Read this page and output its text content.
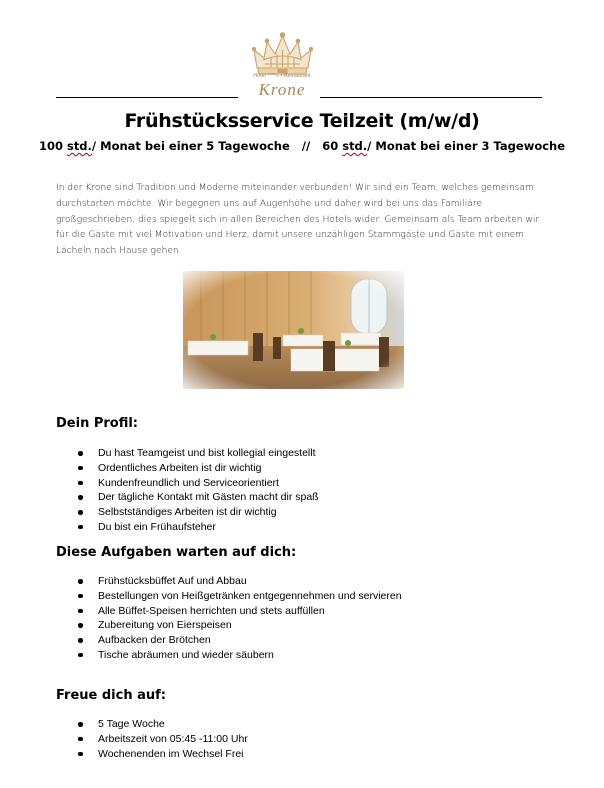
Hotel ****s • Restaurant
Krone
Frühstücksservice Teilzeit (m/w/d)
100 std./ Monat bei einer 5 Tagewoche   //   60 std./ Monat bei einer 3 Tagewoche
In der Krone sind Tradition und Moderne miteinander verbunden! Wir sind ein Team, welches gemeinsam durchstarten möchte. Wir begegnen uns auf Augenhöhe und daher wird bei uns das Familiäre großgeschrieben, dies spiegelt sich in allen Bereichen des Hotels wider. Gemeinsam als Team arbeiten wir für die Gäste mit viel Motivation und Herz, damit unsere unzähligen Stammgäste und Gäste mit einem Lächeln nach Hause gehen.
Dein Profil:
Du hast Teamgeist und bist kollegial eingestellt
Ordentliches Arbeiten ist dir wichtig
Kundenfreundlich und Serviceorientiert
Der tägliche Kontakt mit Gästen macht dir spaß
Selbstständiges Arbeiten ist dir wichtig
Du bist ein Frühaufsteher
Diese Aufgaben warten auf dich:
Frühstücksbüffet Auf und Abbau
Bestellungen von Heißgetränken entgegennehmen und servieren
Alle Büffet-Speisen herrichten und stets auffüllen
Zubereitung von Eierspeisen
Aufbacken der Brötchen
Tische abräumen und wieder säubern
Freue dich auf:
5 Tage Woche
Arbeitszeit von 05:45 -11:00 Uhr
Wochenenden im Wechsel Frei
